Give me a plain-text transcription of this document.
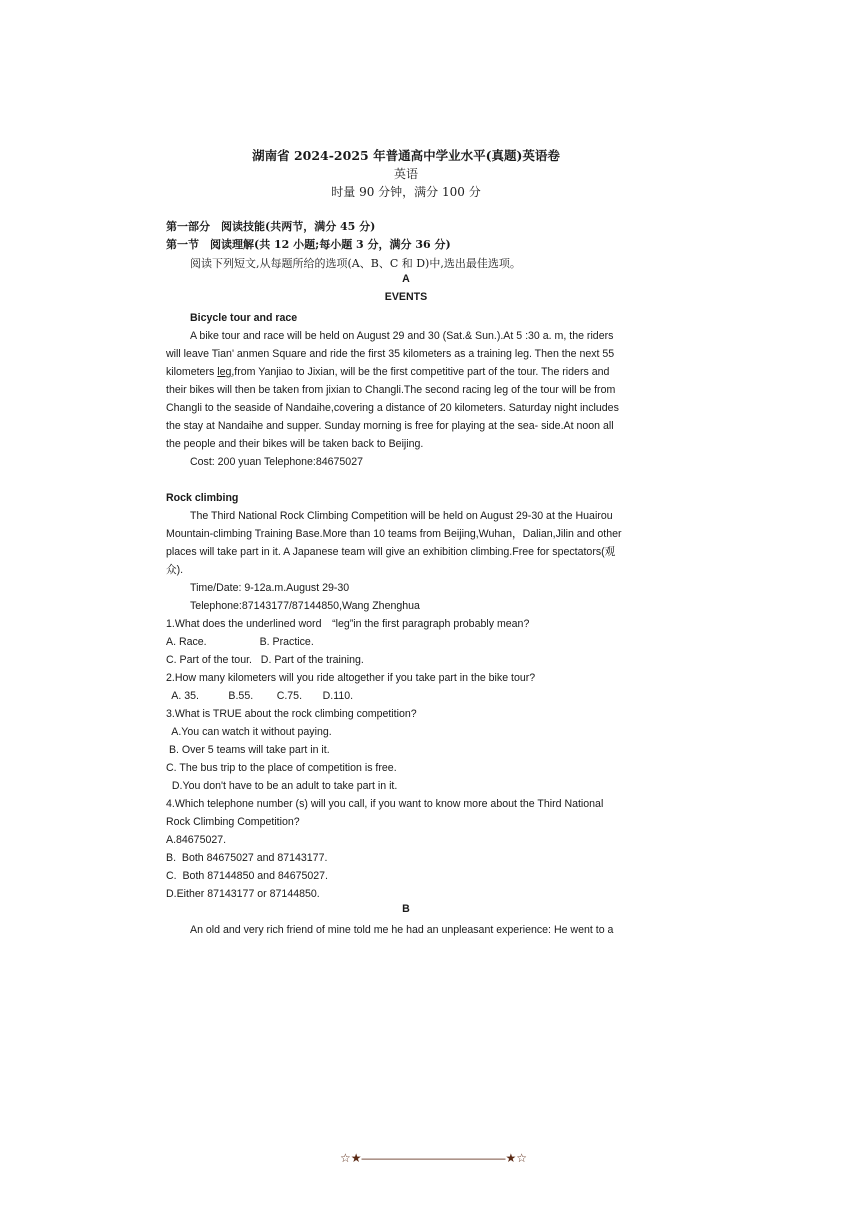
湖南省 2024-2025 年普通高中学业水平(真题)英语卷
英语
时量 90 分钟，满分 100 分
第一部分　阅读技能(共两节，满分 45 分)
第一节　阅读理解(共 12 小题;每小题 3 分，满分 36 分)
阅读下列短文,从每题所给的选项(A、B、C 和 D)中,选出最佳选项。
A
EVENTS
Bicycle tour and race
A bike tour and race will be held on August 29 and 30 (Sat.& Sun.).At 5 :30 a. m, the riders
will leave Tian' anmen Square and ride the first 35 kilometers as a training leg. Then the next 55
kilometers leg,from Yanjiao to Jixian, will be the first competitive part of the tour. The riders and
their bikes will then be taken from jixian to Changli.The second racing leg of the tour will be from
Changli to the seaside of Nandaihe,covering a distance of 20 kilometers. Saturday night includes
the stay at Nandaihe and supper. Sunday morning is free for playing at the sea- side.At noon all
the people and their bikes will be taken back to Beijing.
Cost: 200 yuan Telephone:84675027
Rock climbing
The Third National Rock Climbing Competition will be held on August 29-30 at the Huairou
Mountain-climbing Training Base.More than 10 teams from Beijing,Wuhan，Dalian,Jilin and other
places will take part in it. A Japanese team will give an exhibition climbing.Free for spectators(观
众).
Time/Date: 9-12a.m.August 29-30
Telephone:87143177/87144850,Wang Zhenghua
1.What does the underlined word　“leg”in the first paragraph probably mean?
A. Race.                  B. Practice.
C. Part of the tour.   D. Part of the training.
2.How many kilometers will you ride altogether if you take part in the bike tour?
A. 35.          B.55.        C.75.       D.110.
3.What is TRUE about the rock climbing competition?
A.You can watch it without paying.
B. Over 5 teams will take part in it.
C. The bus trip to the place of competition is free.
D.You don't have to be an adult to take part in it.
4.Which telephone number (s) will you call, if you want to know more about the Third National
Rock Climbing Competition?
A.84675027.
B.  Both 84675027 and 87143177.
C.  Both 87144850 and 84675027.
D.Either 87143177 or 87144850.
B
An old and very rich friend of mine told me he had an unpleasant experience: He went to a
☆★————————————★☆
